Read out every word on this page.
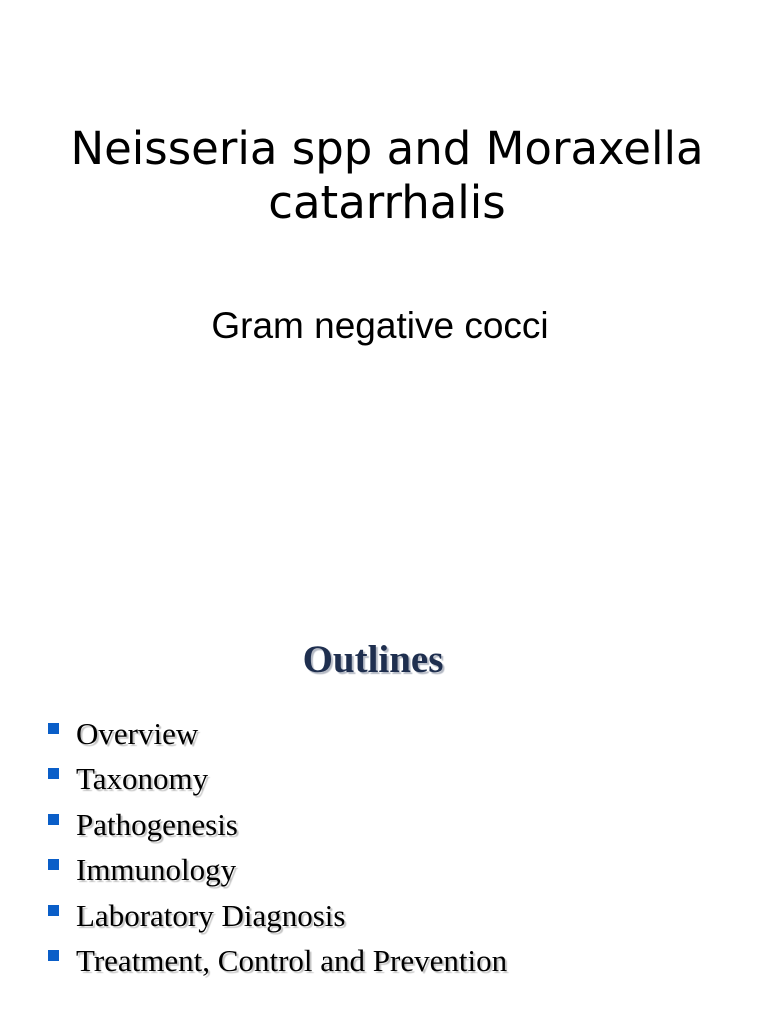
Neisseria spp and Moraxella catarrhalis
Gram negative cocci
Outlines
Overview
Taxonomy
Pathogenesis
Immunology
Laboratory Diagnosis
Treatment, Control and Prevention
